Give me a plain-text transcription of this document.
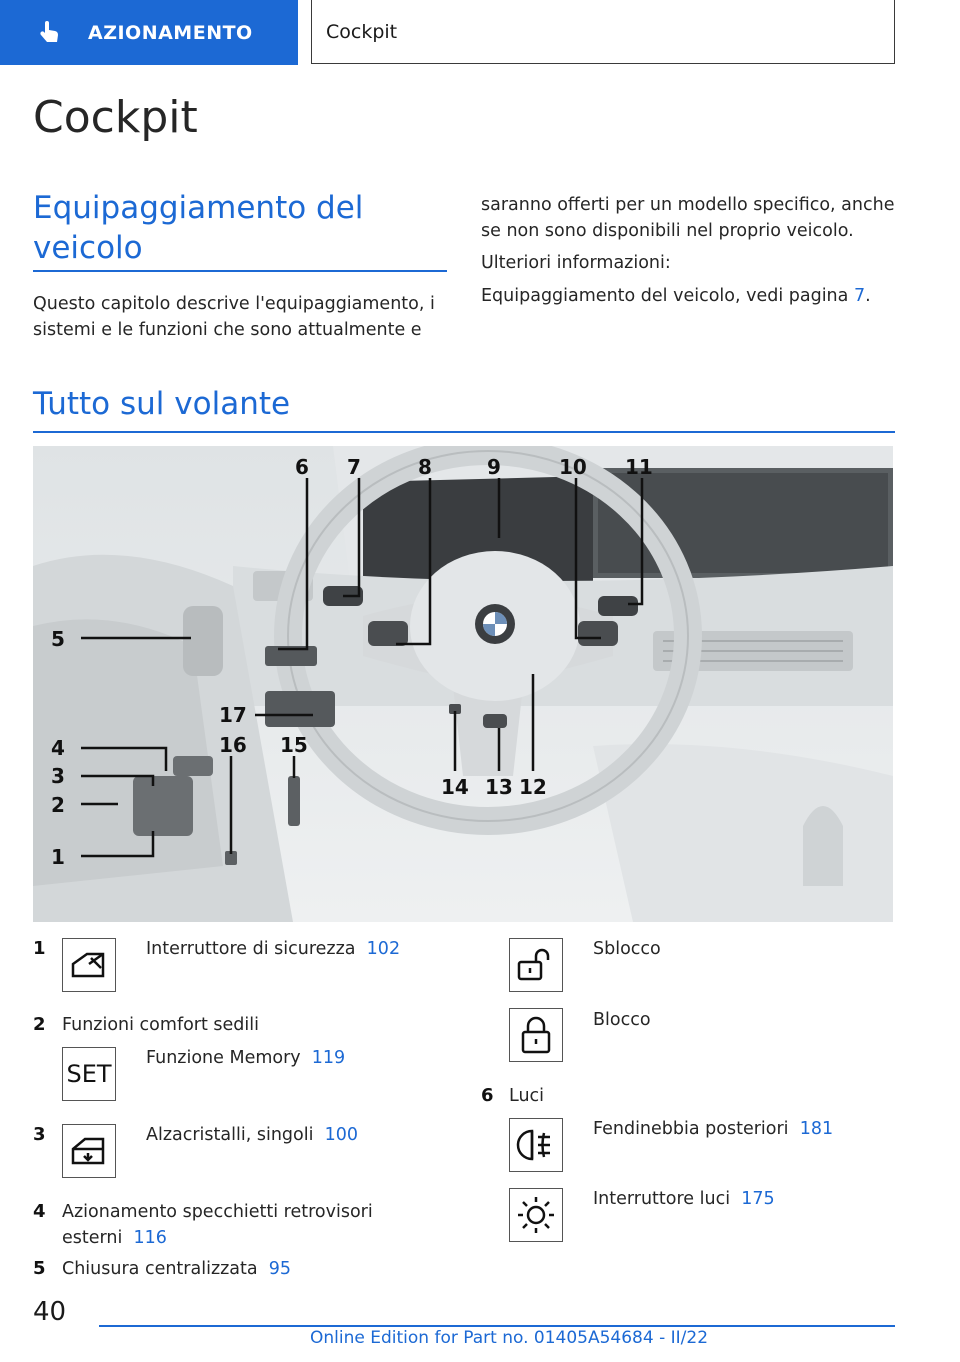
AZIONAMENTO	Cockpit
Cockpit
Equipaggiamento del veicolo
Questo capitolo descrive l'equipaggiamento, i sistemi e le funzioni che sono attualmente e
saranno offerti per un modello specifico, anche se non sono disponibili nel proprio veicolo.
Ulteriori informazioni:
Equipaggiamento del veicolo, vedi pagina 7.
Tutto sul volante
6 7	8	9	10 11
5
17
4
3
2
1
16 15
14 13 12
1	Interruttore di sicurezza 102
2 Funzioni comfort sedili
SET
Funzione Memory 119
3	Alzacristalli, singoli 100
4 Azionamento specchietti retrovisori
esterni 116
5 Chiusura centralizzata 95
Sblocco
Blocco
6 Luci
Fendinebbia posteriori 181
Interruttore luci 175
40
Online Edition for Part no. 01405A54684 - II/22
